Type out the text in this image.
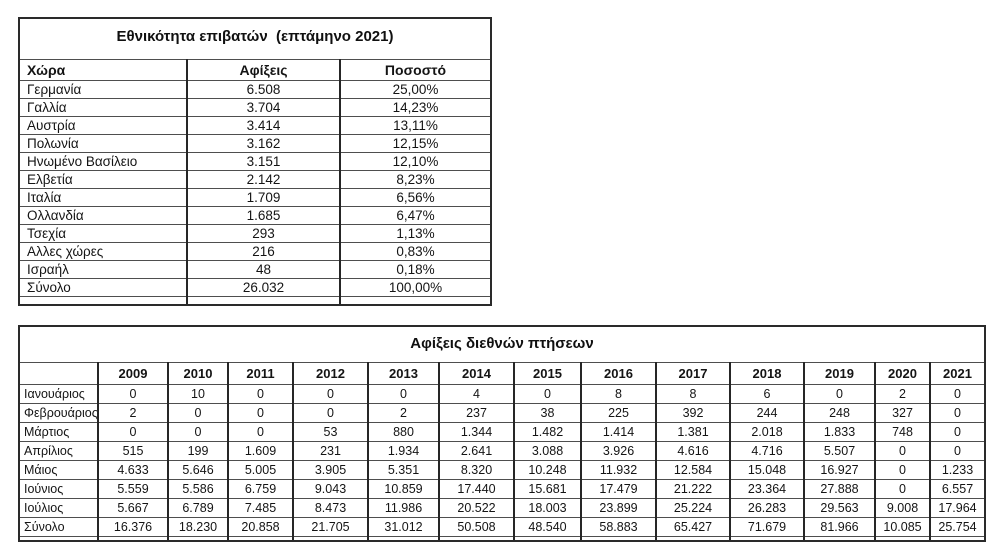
Εθνικότητα επιβατών  (επτάμηνο 2021)
Χώρα	Αφίξεις	Ποσοστό
Γερμανία	6.508	25,00%
Γαλλία	3.704	14,23%
Αυστρία	3.414	13,11%
Πολωνία	3.162	12,15%
Ηνωμένο Βασίλειο	3.151	12,10%
Ελβετία	2.142	8,23%
Ιταλία	1.709	6,56%
Ολλανδία	1.685	6,47%
Τσεχία	293	1,13%
Αλλες χώρες	216	0,83%
Ισραήλ	48	0,18%
Σύνολο	26.032	100,00%

Αφίξεις διεθνών πτήσεων
	2009	2010	2011	2012	2013	2014	2015	2016	2017	2018	2019	2020	2021
Ιανουάριος	0	10	0	0	0	4	0	8	8	6	0	2	0
Φεβρουάριος	2	0	0	0	2	237	38	225	392	244	248	327	0
Μάρτιος	0	0	0	53	880	1.344	1.482	1.414	1.381	2.018	1.833	748	0
Απρίλιος	515	199	1.609	231	1.934	2.641	3.088	3.926	4.616	4.716	5.507	0	0
Μάιος	4.633	5.646	5.005	3.905	5.351	8.320	10.248	11.932	12.584	15.048	16.927	0	1.233
Ιούνιος	5.559	5.586	6.759	9.043	10.859	17.440	15.681	17.479	21.222	23.364	27.888	0	6.557
Ιούλιος	5.667	6.789	7.485	8.473	11.986	20.522	18.003	23.899	25.224	26.283	29.563	9.008	17.964
Σύνολο	16.376	18.230	20.858	21.705	31.012	50.508	48.540	58.883	65.427	71.679	81.966	10.085	25.754
